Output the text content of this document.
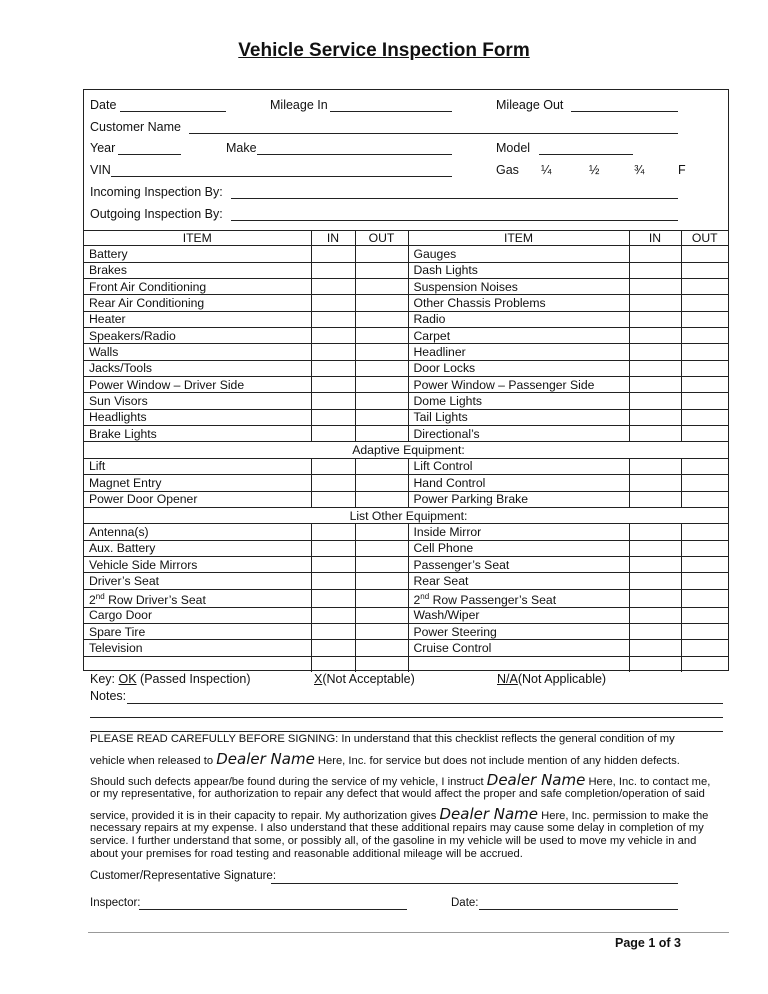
Vehicle Service Inspection Form
Date	Mileage In	Mileage Out
Customer Name
Year	Make	Model
VIN	Gas ¼	½	¾	F
Incoming Inspection By:
Outgoing Inspection By:
ITEM	IN	OUT	ITEM	IN	OUT
Battery			Gauges		
Brakes			Dash Lights		
Front Air Conditioning			Suspension Noises		
Rear Air Conditioning			Other Chassis Problems		
Heater			Radio		
Speakers/Radio			Carpet		
Walls			Headliner		
Jacks/Tools			Door Locks		
Power Window – Driver Side			Power Window – Passenger Side		
Sun Visors			Dome Lights		
Headlights			Tail Lights		
Brake Lights			Directional’s		
Adaptive Equipment:					
Lift			Lift Control		
Magnet Entry			Hand Control		
Power Door Opener			Power Parking Brake		
List Other Equipment:					
Antenna(s)			Inside Mirror		
Aux. Battery			Cell Phone		
Vehicle Side Mirrors			Passenger’s Seat		
Driver’s Seat			Rear Seat		
2nd Row Driver’s Seat			2nd Row Passenger’s Seat		
Cargo Door			Wash/Wiper		
Spare Tire			Power Steering		
Television			Cruise Control		

Key: OK (Passed Inspection)	X(Not Acceptable)	N/A(Not Applicable)
Notes:
PLEASE READ CAREFULLY BEFORE SIGNING: In understand that this checklist reflects the general condition of my
vehicle when released to Dealer Name Here, Inc. for service but does not include mention of any hidden defects.
Should such defects appear/be found during the service of my vehicle, I instruct Dealer Name Here, Inc. to contact me,
or my representative, for authorization to repair any defect that would affect the proper and safe completion/operation of said
service, provided it is in their capacity to repair. My authorization gives Dealer Name Here, Inc. permission to make the
necessary repairs at my expense. I also understand that these additional repairs may cause some delay in completion of my
service. I further understand that some, or possibly all, of the gasoline in my vehicle will be used to move my vehicle in and
about your premises for road testing and reasonable additional mileage will be accrued.
Customer/Representative Signature:
Inspector:	Date:
Page 1 of 3
